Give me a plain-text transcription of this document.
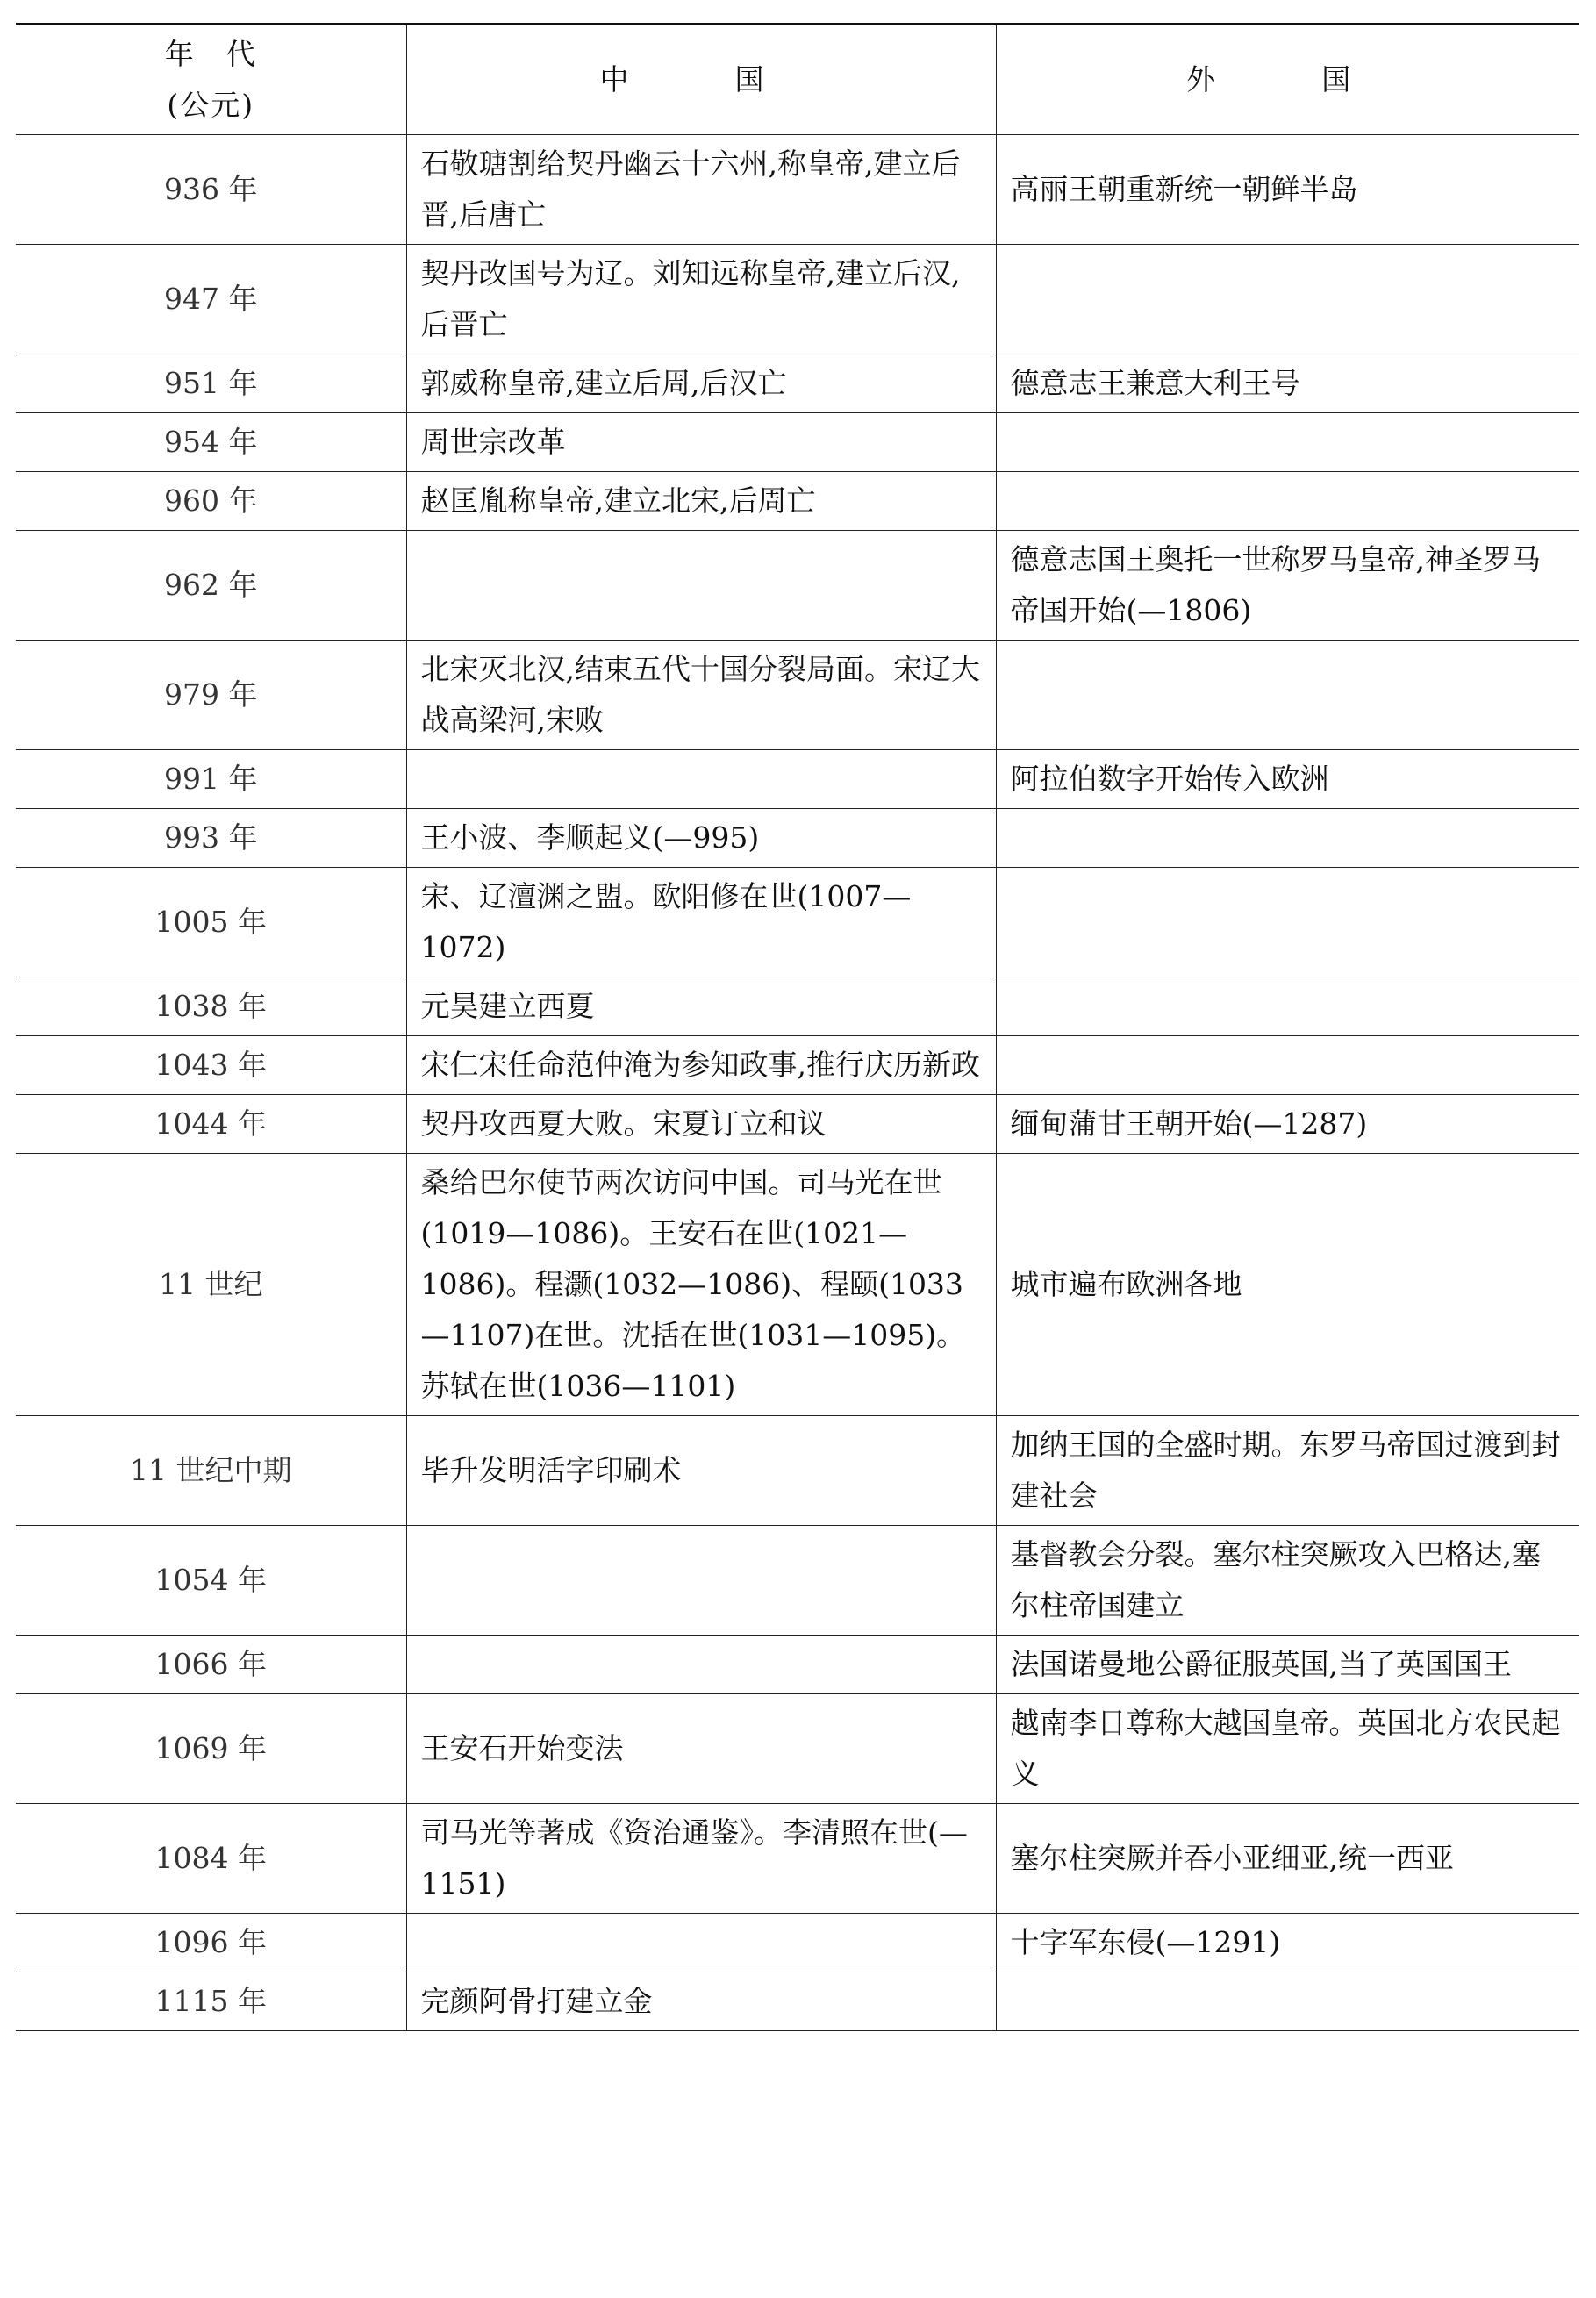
年　代
(公元)	中　国	外　国
936 年	石敬瑭割给契丹幽云十六州,称皇帝,建立后晋,后唐亡	高丽王朝重新统一朝鲜半岛
947 年	契丹改国号为辽。刘知远称皇帝,建立后汉,后晋亡	
951 年	郭威称皇帝,建立后周,后汉亡	德意志王兼意大利王号
954 年	周世宗改革	
960 年	赵匡胤称皇帝,建立北宋,后周亡	
962 年		德意志国王奥托一世称罗马皇帝,神圣罗马帝国开始(—1806)
979 年	北宋灭北汉,结束五代十国分裂局面。宋辽大战高梁河,宋败	
991 年		阿拉伯数字开始传入欧洲
993 年	王小波、李顺起义(—995)	
1005 年	宋、辽澶渊之盟。欧阳修在世(1007—1072)	
1038 年	元昊建立西夏	
1043 年	宋仁宋任命范仲淹为参知政事,推行庆历新政	
1044 年	契丹攻西夏大败。宋夏订立和议	缅甸蒲甘王朝开始(—1287)
11 世纪	桑给巴尔使节两次访问中国。司马光在世(1019—1086)。王安石在世(1021—1086)。程灏(1032—1086)、程颐(1033—1107)在世。沈括在世(1031—1095)。苏轼在世(1036—1101)	城市遍布欧洲各地
11 世纪中期	毕升发明活字印刷术	加纳王国的全盛时期。东罗马帝国过渡到封建社会
1054 年		基督教会分裂。塞尔柱突厥攻入巴格达,塞尔柱帝国建立
1066 年		法国诺曼地公爵征服英国,当了英国国王
1069 年	王安石开始变法	越南李日尊称大越国皇帝。英国北方农民起义
1084 年	司马光等著成《资治通鉴》。李清照在世(—1151)	塞尔柱突厥并吞小亚细亚,统一西亚
1096 年		十字军东侵(—1291)
1115 年	完颜阿骨打建立金	
